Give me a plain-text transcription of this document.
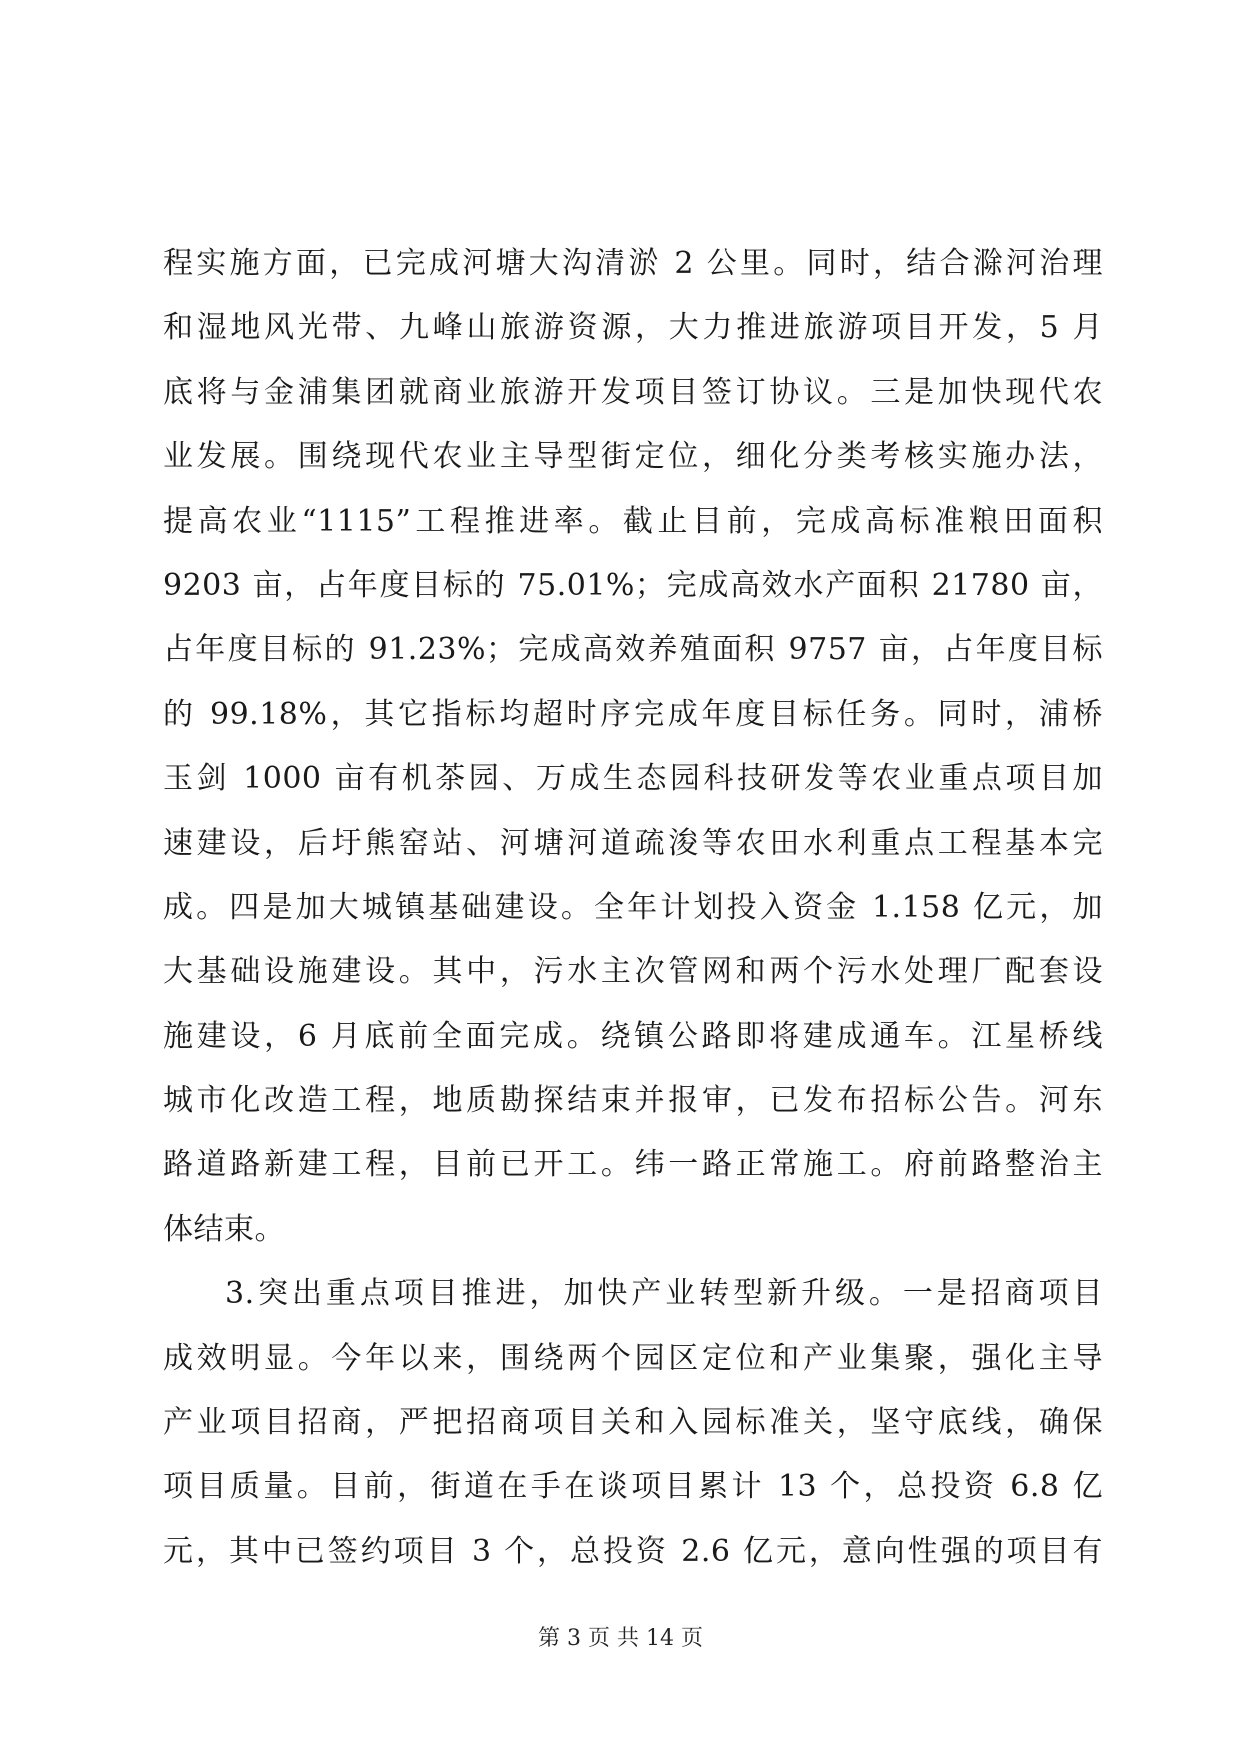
程实施方面，已完成河塘大沟清淤 2 公里。同时，结合滁河治理
和湿地风光带、九峰山旅游资源，大力推进旅游项目开发，5 月
底将与金浦集团就商业旅游开发项目签订协议。三是加快现代农
业发展。围绕现代农业主导型街定位，细化分类考核实施办法，
提高农业“1115”工程推进率。截止目前，完成高标准粮田面积
9203 亩，占年度目标的 75.01%；完成高效水产面积 21780 亩，
占年度目标的 91.23%；完成高效养殖面积 9757 亩，占年度目标
的 99.18%，其它指标均超时序完成年度目标任务。同时，浦桥
玉剑 1000 亩有机茶园、万成生态园科技研发等农业重点项目加
速建设，后圩熊窑站、河塘河道疏浚等农田水利重点工程基本完
成。四是加大城镇基础建设。全年计划投入资金 1.158 亿元，加
大基础设施建设。其中，污水主次管网和两个污水处理厂配套设
施建设，6 月底前全面完成。绕镇公路即将建成通车。江星桥线
城市化改造工程，地质勘探结束并报审，已发布招标公告。河东
路道路新建工程，目前已开工。纬一路正常施工。府前路整治主
体结束。
3.突出重点项目推进，加快产业转型新升级。一是招商项目
成效明显。今年以来，围绕两个园区定位和产业集聚，强化主导
产业项目招商，严把招商项目关和入园标准关，坚守底线，确保
项目质量。目前，街道在手在谈项目累计 13 个，总投资 6.8 亿
元，其中已签约项目 3 个，总投资 2.6 亿元，意向性强的项目有
第 3 页 共 14 页
